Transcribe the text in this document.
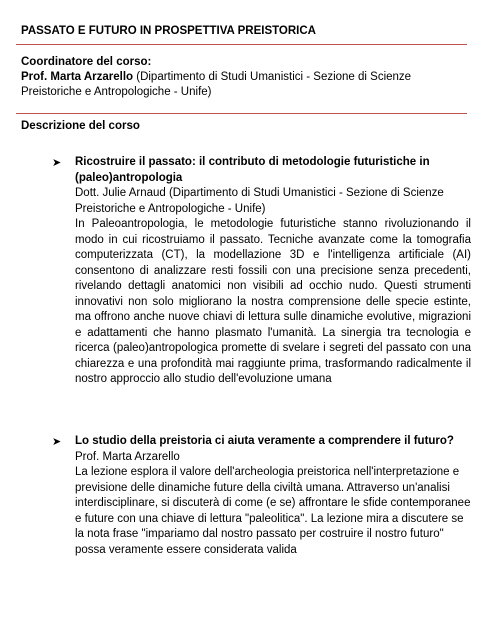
PASSATO E FUTURO IN PROSPETTIVA PREISTORICA
Coordinatore del corso:
Prof. Marta Arzarello (Dipartimento di Studi Umanistici - Sezione di Scienze Preistoriche e Antropologiche - Unife)
Descrizione del corso
➤ Ricostruire il passato: il contributo di metodologie futuristiche in (paleo)antropologia
Dott. Julie Arnaud (Dipartimento di Studi Umanistici - Sezione di Scienze Preistoriche e Antropologiche - Unife)
In Paleoantropologia, le metodologie futuristiche stanno rivoluzionando il modo in cui ricostruiamo il passato. Tecniche avanzate come la tomografia computerizzata (CT), la modellazione 3D e l'intelligenza artificiale (AI) consentono di analizzare resti fossili con una precisione senza precedenti, rivelando dettagli anatomici non visibili ad occhio nudo. Questi strumenti innovativi non solo migliorano la nostra comprensione delle specie estinte, ma offrono anche nuove chiavi di lettura sulle dinamiche evolutive, migrazioni e adattamenti che hanno plasmato l'umanità. La sinergia tra tecnologia e ricerca (paleo)antropologica promette di svelare i segreti del passato con una chiarezza e una profondità mai raggiunte prima, trasformando radicalmente il nostro approccio allo studio dell'evoluzione umana
➤ Lo studio della preistoria ci aiuta veramente a comprendere il futuro?
Prof. Marta Arzarello
La lezione esplora il valore dell'archeologia preistorica nell'interpretazione e previsione delle dinamiche future della civiltà umana. Attraverso un'analisi interdisciplinare, si discuterà di come (e se) affrontare le sfide contemporanee e future con una chiave di lettura "paleolitica". La lezione mira a discutere se la nota frase "impariamo dal nostro passato per costruire il nostro futuro" possa veramente essere considerata valida
